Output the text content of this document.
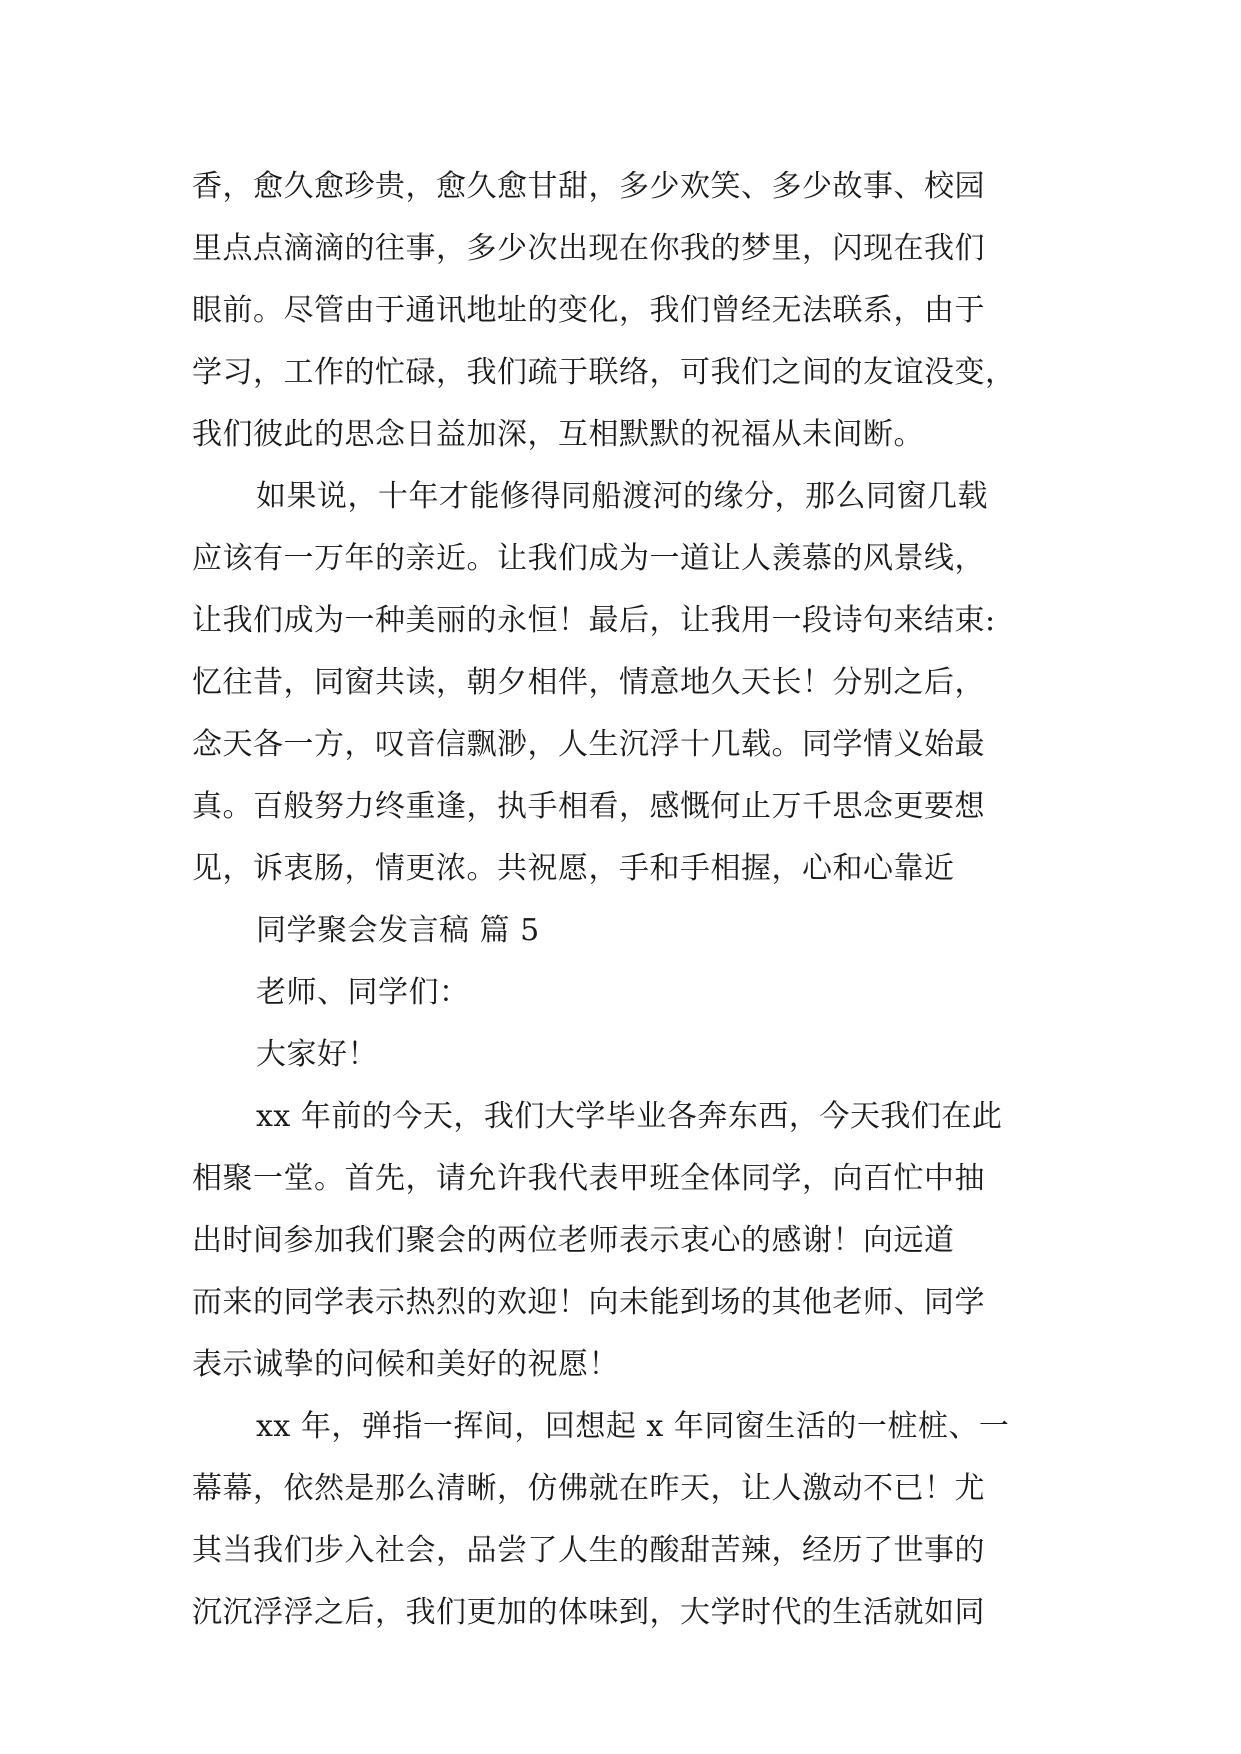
香，愈久愈珍贵，愈久愈甘甜，多少欢笑、多少故事、校园
里点点滴滴的往事，多少次出现在你我的梦里，闪现在我们
眼前。尽管由于通讯地址的变化，我们曾经无法联系，由于
学习，工作的忙碌，我们疏于联络，可我们之间的友谊没变，
我们彼此的思念日益加深，互相默默的祝福从未间断。
如果说，十年才能修得同船渡河的缘分，那么同窗几载
应该有一万年的亲近。让我们成为一道让人羡慕的风景线，
让我们成为一种美丽的永恒！最后，让我用一段诗句来结束:
忆往昔，同窗共读，朝夕相伴，情意地久天长！分别之后，
念天各一方，叹音信飘渺，人生沉浮十几载。同学情义始最
真。百般努力终重逢，执手相看，感慨何止万千思念更要想
见，诉衷肠，情更浓。共祝愿，手和手相握，心和心靠近
同学聚会发言稿 篇 5
老师、同学们：
大家好！
xx 年前的今天，我们大学毕业各奔东西，今天我们在此
相聚一堂。首先，请允许我代表甲班全体同学，向百忙中抽
出时间参加我们聚会的两位老师表示衷心的感谢！向远道
而来的同学表示热烈的欢迎！向未能到场的其他老师、同学
表示诚挚的问候和美好的祝愿！
xx 年，弹指一挥间，回想起 x 年同窗生活的一桩桩、一
幕幕，依然是那么清晰，仿佛就在昨天，让人激动不已！尤
其当我们步入社会，品尝了人生的酸甜苦辣，经历了世事的
沉沉浮浮之后，我们更加的体味到，大学时代的生活就如同
